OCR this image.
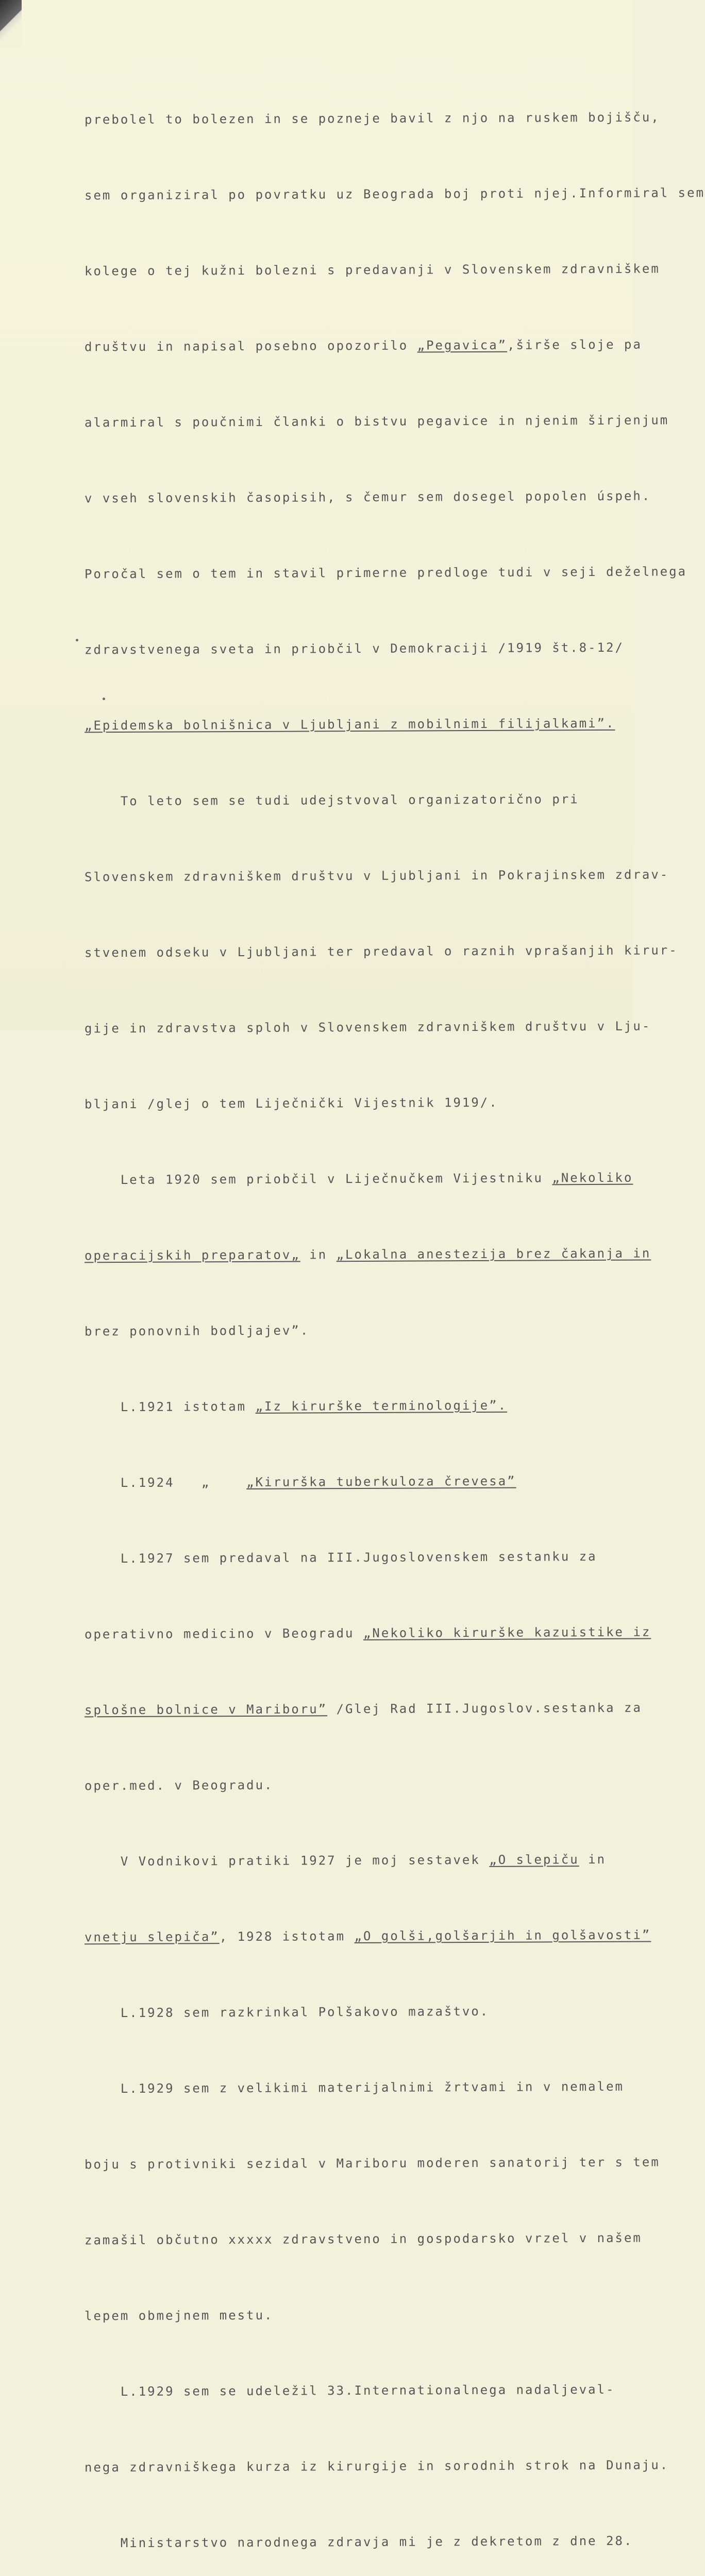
prebolel to bolezen in se pozneje bavil z njo na ruskem bojišču,

sem organiziral po povratku uz Beograda boj proti njej.Informiral sem

kolege o tej kužni bolezni s predavanji v Slovenskem zdravniškem

društvu in napisal posebno opozorilo „Pegavica”,širše sloje pa

alarmiral s poučnimi članki o bistvu pegavice in njenim širjenjum

v vseh slovenskih časopisih, s čemur sem dosegel popolen úspeh.

Poročal sem o tem in stavil primerne predloge tudi v seji deželnega

zdravstvenega sveta in priobčil v Demokraciji /1919 št.8-12/

„Epidemska bolnišnica v Ljubljani z mobilnimi filijalkami”.

To leto sem se tudi udejstvoval organizatorično pri

Slovenskem zdravniškem društvu v Ljubljani in Pokrajinskem zdrav-

stvenem odseku v Ljubljani ter predaval o raznih vprašanjih kirur-

gije in zdravstva sploh v Slovenskem zdravniškem društvu v Lju-

bljani /glej o tem Liječnički Vijestnik 1919/.

Leta 1920 sem priobčil v Liječnučkem Vijestniku „Nekoliko

operacijskih preparatov„ in „Lokalna anestezija brez čakanja in

brez ponovnih bodljajev”.

L.1921 istotam „Iz kirurške terminologije”.

L.1924   „    „Kirurška tuberkuloza črevesa”

L.1927 sem predaval na III.Jugoslovenskem sestanku za

operativno medicino v Beogradu „Nekoliko kirurške kazuistike iz

splošne bolnice v Mariboru” /Glej Rad III.Jugoslov.sestanka za

oper.med. v Beogradu.

V Vodnikovi pratiki 1927 je moj sestavek „O slepiču in

vnetju slepiča”, 1928 istotam „O golši,golšarjih in golšavosti”

L.1928 sem razkrinkal Polšakovo mazaštvo.

L.1929 sem z velikimi materijalnimi žrtvami in v nemalem

boju s protivniki sezidal v Mariboru moderen sanatorij ter s tem

zamašil občutno xxxxx zdravstveno in gospodarsko vrzel v našem

lepem obmejnem mestu.

L.1929 sem se udeležil 33.Internationalnega nadaljeval-

nega zdravniškega kurza iz kirurgije in sorodnih strok na Dunaju.

Ministarstvo narodnega zdravja mi je z dekretom z dne 28.
